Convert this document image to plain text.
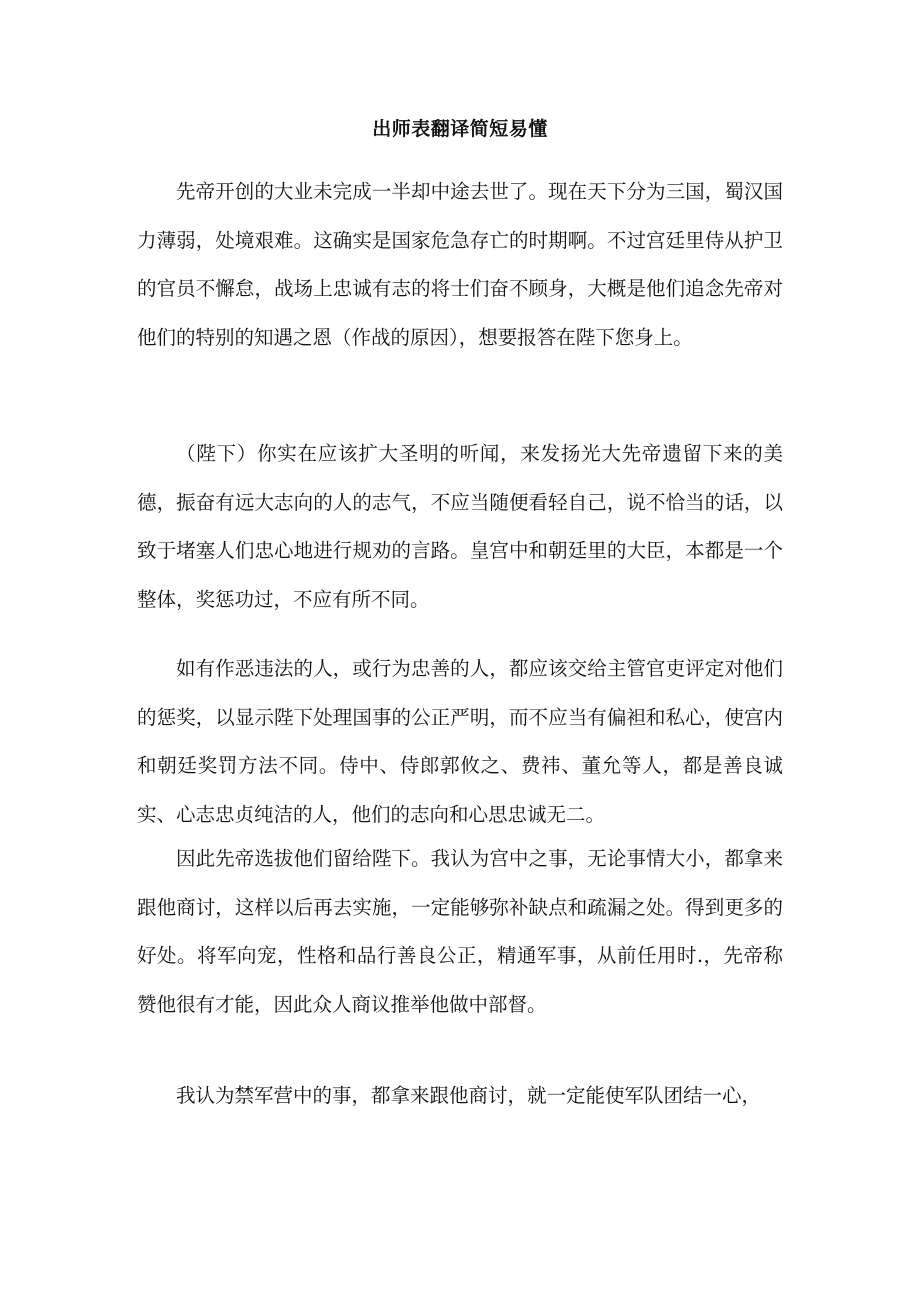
出师表翻译简短易懂

先帝开创的大业未完成一半却中途去世了。现在天下分为三国，蜀汉国力薄弱，处境艰难。这确实是国家危急存亡的时期啊。不过宫廷里侍从护卫的官员不懈怠，战场上忠诚有志的将士们奋不顾身，大概是他们追念先帝对他们的特别的知遇之恩（作战的原因），想要报答在陛下您身上。

（陛下）你实在应该扩大圣明的听闻，来发扬光大先帝遗留下来的美德，振奋有远大志向的人的志气，不应当随便看轻自己，说不恰当的话，以致于堵塞人们忠心地进行规劝的言路。皇宫中和朝廷里的大臣，本都是一个整体，奖惩功过，不应有所不同。

如有作恶违法的人，或行为忠善的人，都应该交给主管官吏评定对他们的惩奖，以显示陛下处理国事的公正严明，而不应当有偏袒和私心，使宫内和朝廷奖罚方法不同。侍中、侍郎郭攸之、费祎、董允等人，都是善良诚实、心志忠贞纯洁的人，他们的志向和心思忠诚无二。

因此先帝选拔他们留给陛下。我认为宫中之事，无论事情大小，都拿来跟他商讨，这样以后再去实施，一定能够弥补缺点和疏漏之处。得到更多的好处。将军向宠，性格和品行善良公正，精通军事，从前任用时.，先帝称赞他很有才能，因此众人商议推举他做中部督。

我认为禁军营中的事，都拿来跟他商讨，就一定能使军队团结一心，
